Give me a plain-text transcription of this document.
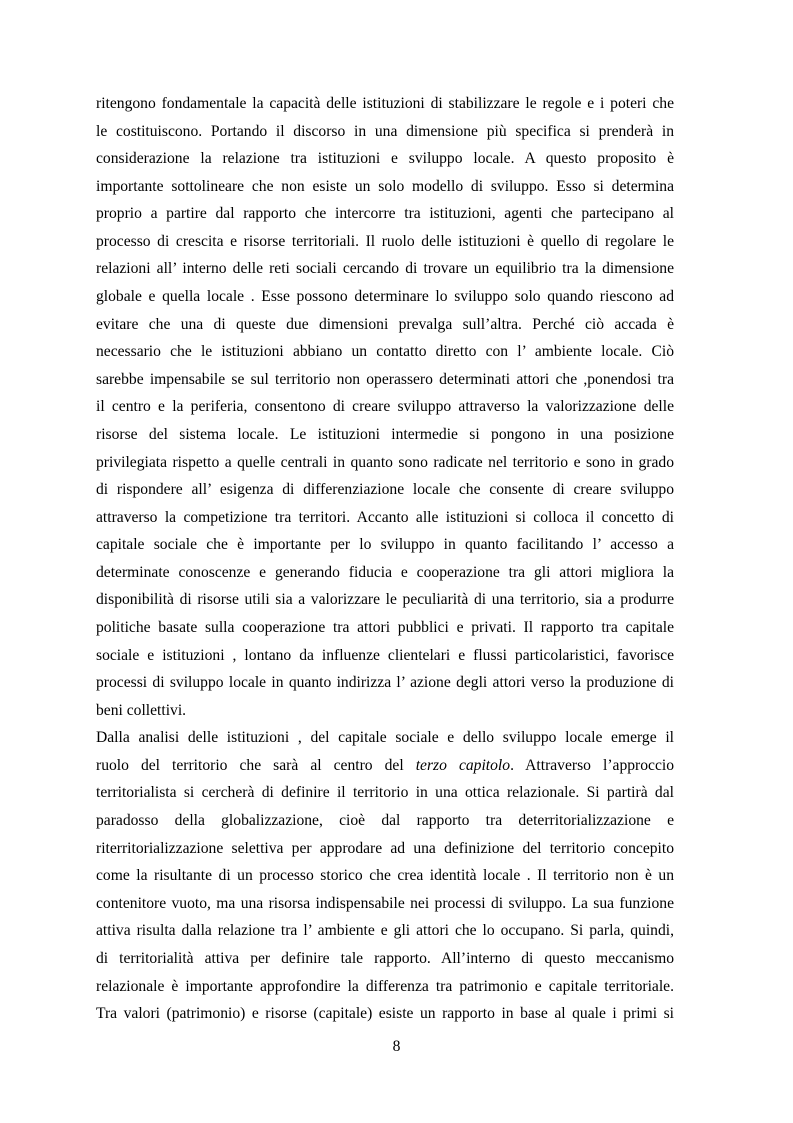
ritengono fondamentale la capacità delle istituzioni di stabilizzare le regole e i poteri che
le costituiscono. Portando il discorso in una dimensione più specifica si prenderà in
considerazione la relazione tra istituzioni e sviluppo locale. A questo proposito è
importante sottolineare che non esiste un solo modello di sviluppo. Esso si determina
proprio a partire dal rapporto che intercorre tra istituzioni, agenti che partecipano al
processo di crescita e risorse territoriali. Il ruolo delle istituzioni è quello di regolare le
relazioni all’ interno delle reti sociali cercando di trovare un equilibrio tra la dimensione
globale e quella locale . Esse possono determinare lo sviluppo solo quando riescono ad
evitare che una di queste due dimensioni prevalga sull’altra. Perché ciò accada è
necessario che le istituzioni abbiano un contatto diretto con l’ ambiente locale. Ciò
sarebbe impensabile se sul territorio non operassero determinati attori che ,ponendosi tra
il centro e la periferia, consentono di creare sviluppo attraverso la valorizzazione delle
risorse del sistema locale. Le istituzioni intermedie si pongono in una posizione
privilegiata rispetto a quelle centrali in quanto sono radicate nel territorio e sono in grado
di rispondere all’ esigenza di differenziazione locale che consente di creare sviluppo
attraverso la competizione tra territori. Accanto alle istituzioni si colloca il concetto di
capitale sociale che è importante per lo sviluppo in quanto facilitando l’ accesso a
determinate conoscenze e generando fiducia e cooperazione tra gli attori migliora la
disponibilità di risorse utili sia a valorizzare le peculiarità di una territorio, sia a produrre
politiche basate sulla cooperazione tra attori pubblici e privati. Il rapporto tra capitale
sociale e istituzioni , lontano da influenze clientelari e flussi particolaristici, favorisce
processi di sviluppo locale in quanto indirizza l’ azione degli attori verso la produzione di
beni collettivi.
Dalla analisi delle istituzioni , del capitale sociale e dello sviluppo locale emerge il
ruolo del territorio che sarà al centro del terzo capitolo. Attraverso l’approccio
territorialista si cercherà di definire il territorio in una ottica relazionale. Si partirà dal
paradosso della globalizzazione, cioè dal rapporto tra deterritorializzazione e
riterritorializzazione selettiva per approdare ad una definizione del territorio concepito
come la risultante di un processo storico che crea identità locale . Il territorio non è un
contenitore vuoto, ma una risorsa indispensabile nei processi di sviluppo. La sua funzione
attiva risulta dalla relazione tra l’ ambiente e gli attori che lo occupano. Si parla, quindi,
di territorialità attiva per definire tale rapporto. All’interno di questo meccanismo
relazionale è importante approfondire la differenza tra patrimonio e capitale territoriale.
Tra valori (patrimonio) e risorse (capitale) esiste un rapporto in base al quale i primi si
8
